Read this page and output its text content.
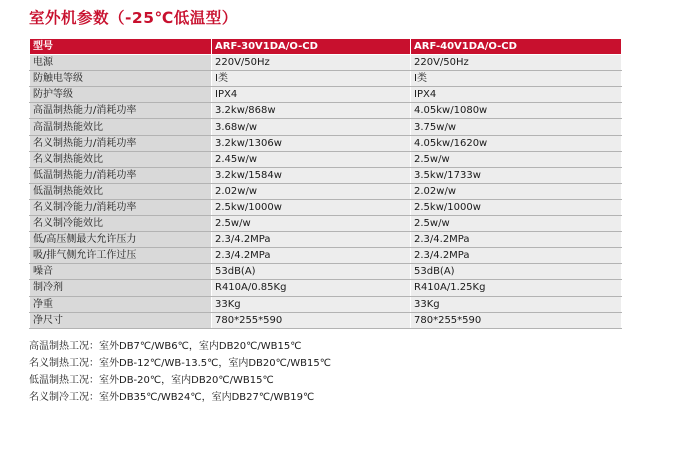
室外机参数（-25℃低温型）
型号	ARF-30V1DA/O-CD	ARF-40V1DA/O-CD
电源	220V/50Hz	220V/50Hz
防触电等级	Ⅰ类	Ⅰ类
防护等级	IPX4	IPX4
高温制热能力/消耗功率	3.2kw/868w	4.05kw/1080w
高温制热能效比	3.68w/w	3.75w/w
名义制热能力/消耗功率	3.2kw/1306w	4.05kw/1620w
名义制热能效比	2.45w/w	2.5w/w
低温制热能力/消耗功率	3.2kw/1584w	3.5kw/1733w
低温制热能效比	2.02w/w	2.02w/w
名义制冷能力/消耗功率	2.5kw/1000w	2.5kw/1000w
名义制冷能效比	2.5w/w	2.5w/w
低/高压侧最大允许压力	2.3/4.2MPa	2.3/4.2MPa
吸/排气侧允许工作过压	2.3/4.2MPa	2.3/4.2MPa
噪音	53dB(A)	53dB(A)
制冷剂	R410A/0.85Kg	R410A/1.25Kg
净重	33Kg	33Kg
净尺寸	780*255*590	780*255*590
高温制热工况：室外DB7℃/WB6℃，室内DB20℃/WB15℃
名义制热工况：室外DB-12℃/WB-13.5℃，室内DB20℃/WB15℃
低温制热工况：室外DB-20℃，室内DB20℃/WB15℃
名义制冷工况：室外DB35℃/WB24℃，室内DB27℃/WB19℃
